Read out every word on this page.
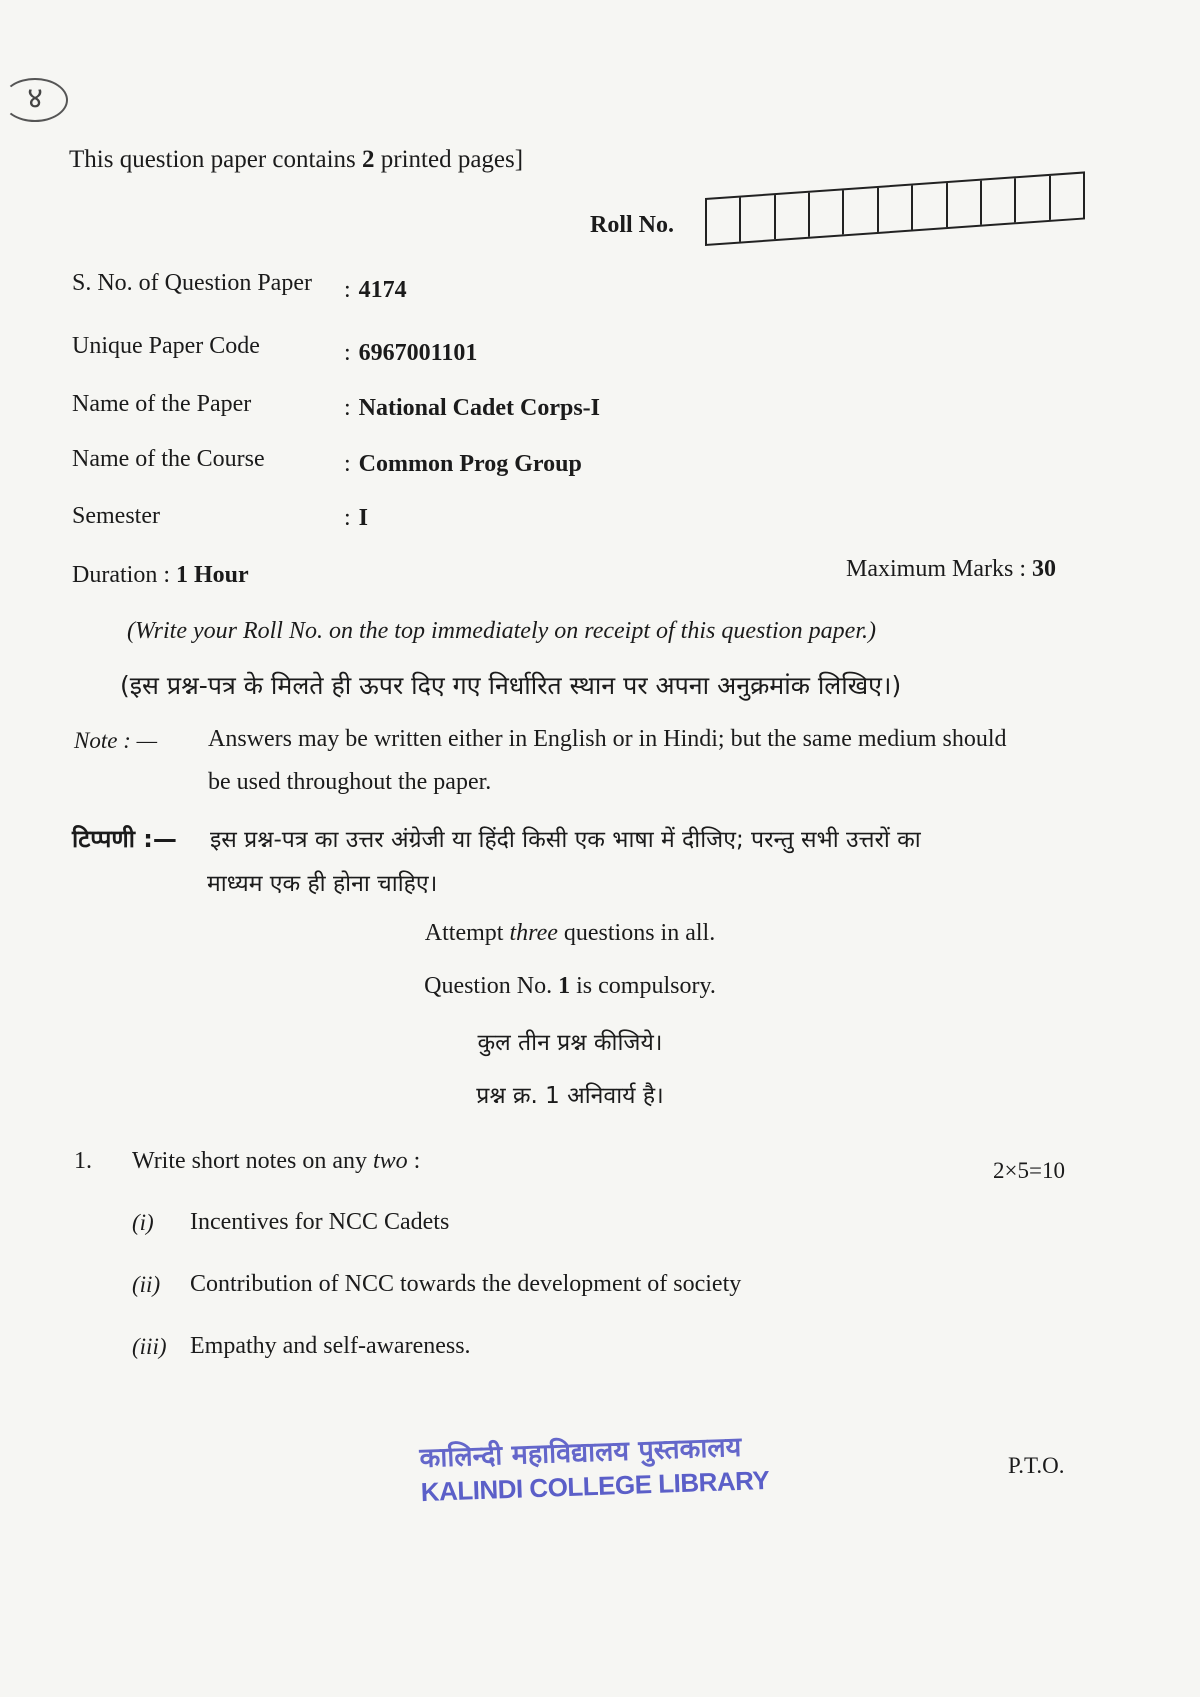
४
This question paper contains 2 printed pages]
Roll No.
S. No. of Question Paper : 4174
Unique Paper Code	: 6967001101
Name of the Paper	: National Cadet Corps-I
Name of the Course	: Common Prog Group
Semester	: I
Duration : 1 Hour	Maximum Marks : 30
(Write your Roll No. on the top immediately on receipt of this question paper.)
(इस प्रश्न-पत्र के मिलते ही ऊपर दिए गए निर्धारित स्थान पर अपना अनुक्रमांक लिखिए।)
Note : — Answers may be written either in English or in Hindi; but the same medium should
be used throughout the paper.
टिप्पणी :— इस प्रश्न-पत्र का उत्तर अंग्रेजी या हिंदी किसी एक भाषा में दीजिए; परन्तु सभी उत्तरों का
माध्यम एक ही होना चाहिए।
Attempt three questions in all.
Question No. 1 is compulsory.
कुल तीन प्रश्न कीजिये।
प्रश्न क्र. 1 अनिवार्य है।
1. Write short notes on any two :	2×5=10
(i) Incentives for NCC Cadets
(ii) Contribution of NCC towards the development of society
(iii) Empathy and self-awareness.
कालिन्दी महाविद्यालय पुस्तकालय
KALINDI COLLEGE LIBRARY	P.T.O.
